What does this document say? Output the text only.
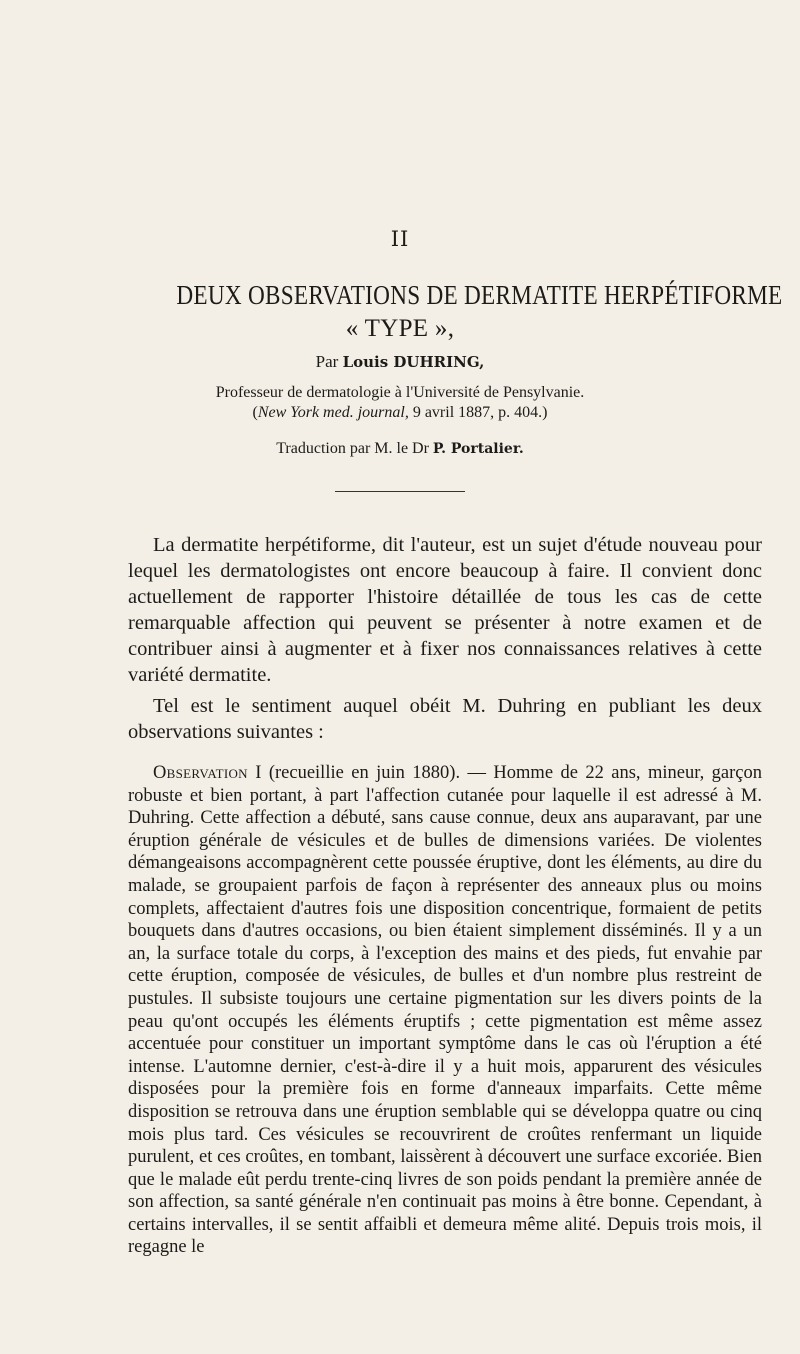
II
DEUX OBSERVATIONS DE DERMATITE HERPÉTIFORME
« TYPE »,
Par Louis DUHRING,
Professeur de dermatologie à l'Université de Pensylvanie.
(New York med. journal, 9 avril 1887, p. 404.)
Traduction par M. le Dr P. Portalier.

La dermatite herpétiforme, dit l'auteur, est un sujet d'étude nouveau pour lequel les dermatologistes ont encore beaucoup à faire. Il convient donc actuellement de rapporter l'histoire détaillée de tous les cas de cette remarquable affection qui peuvent se présenter à notre examen et de contribuer ainsi à augmenter et à fixer nos connaissances relatives à cette variété dermatite.

Tel est le sentiment auquel obéit M. Duhring en publiant les deux observations suivantes :

Observation I (recueillie en juin 1880). — Homme de 22 ans, mineur, garçon robuste et bien portant, à part l'affection cutanée pour laquelle il est adressé à M. Duhring. Cette affection a débuté, sans cause connue, deux ans auparavant, par une éruption générale de vésicules et de bulles de dimensions variées. De violentes démangeaisons accompagnèrent cette poussée éruptive, dont les éléments, au dire du malade, se groupaient parfois de façon à représenter des anneaux plus ou moins complets, affectaient d'autres fois une disposition concentrique, formaient de petits bouquets dans d'autres occasions, ou bien étaient simplement disséminés. Il y a un an, la surface totale du corps, à l'exception des mains et des pieds, fut envahie par cette éruption, composée de vésicules, de bulles et d'un nombre plus restreint de pustules. Il subsiste toujours une certaine pigmentation sur les divers points de la peau qu'ont occupés les éléments éruptifs ; cette pigmentation est même assez accentuée pour constituer un important symptôme dans le cas où l'éruption a été intense. L'automne dernier, c'est-à-dire il y a huit mois, apparurent des vésicules disposées pour la première fois en forme d'anneaux imparfaits. Cette même disposition se retrouva dans une éruption semblable qui se développa quatre ou cinq mois plus tard. Ces vésicules se recouvrirent de croûtes renfermant un liquide purulent, et ces croûtes, en tombant, laissèrent à découvert une surface excoriée. Bien que le malade eût perdu trente-cinq livres de son poids pendant la première année de son affection, sa santé générale n'en continuait pas moins à être bonne. Cependant, à certains intervalles, il se sentit affaibli et demeura même alité. Depuis trois mois, il regagne le
